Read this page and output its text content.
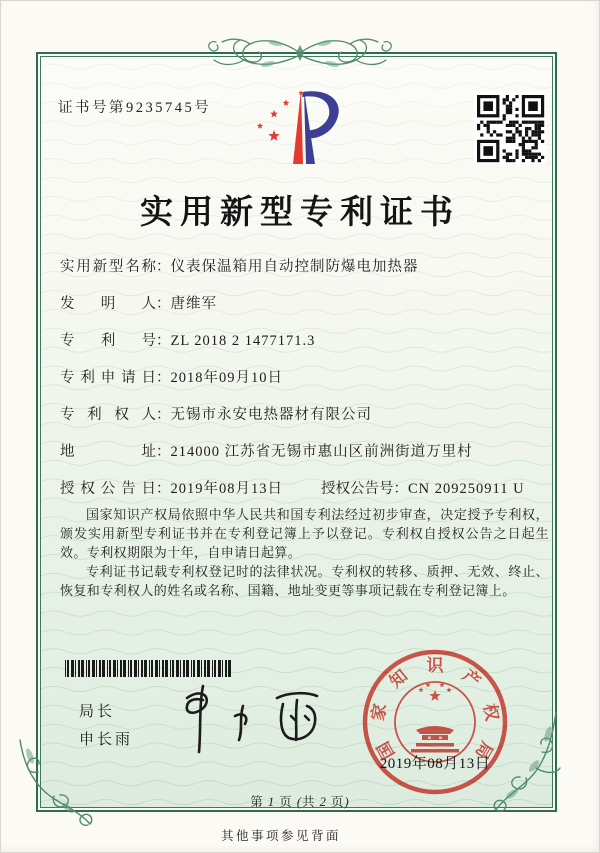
证书号第9235745号
实用新型专利证书
实用新型名称：仪表保温箱用自动控制防爆电加热器
发明人：唐维军
专利号：ZL 2018 2 1477171.3
专利申请日：2018年09月10日
专利权人：无锡市永安电热器材有限公司
地址：214000 江苏省无锡市惠山区前洲街道万里村
授权公告日：2019年08月13日	授权公告号：CN 209250911 U

国家知识产权局依照中华人民共和国专利法经过初步审查，决定授予专利权，颁发实用新型专利证书并在专利登记簿上予以登记。专利权自授权公告之日起生效。专利权期限为十年，自申请日起算。

专利证书记载专利权登记时的法律状况。专利权的转移、质押、无效、终止、恢复和专利权人的姓名或名称、国籍、地址变更等事项记载在专利登记簿上。

局长
申长雨	国
家
知
识
产
权
局
2019年08月13日
第 1 页 (共 2 页)
其他事项参见背面
